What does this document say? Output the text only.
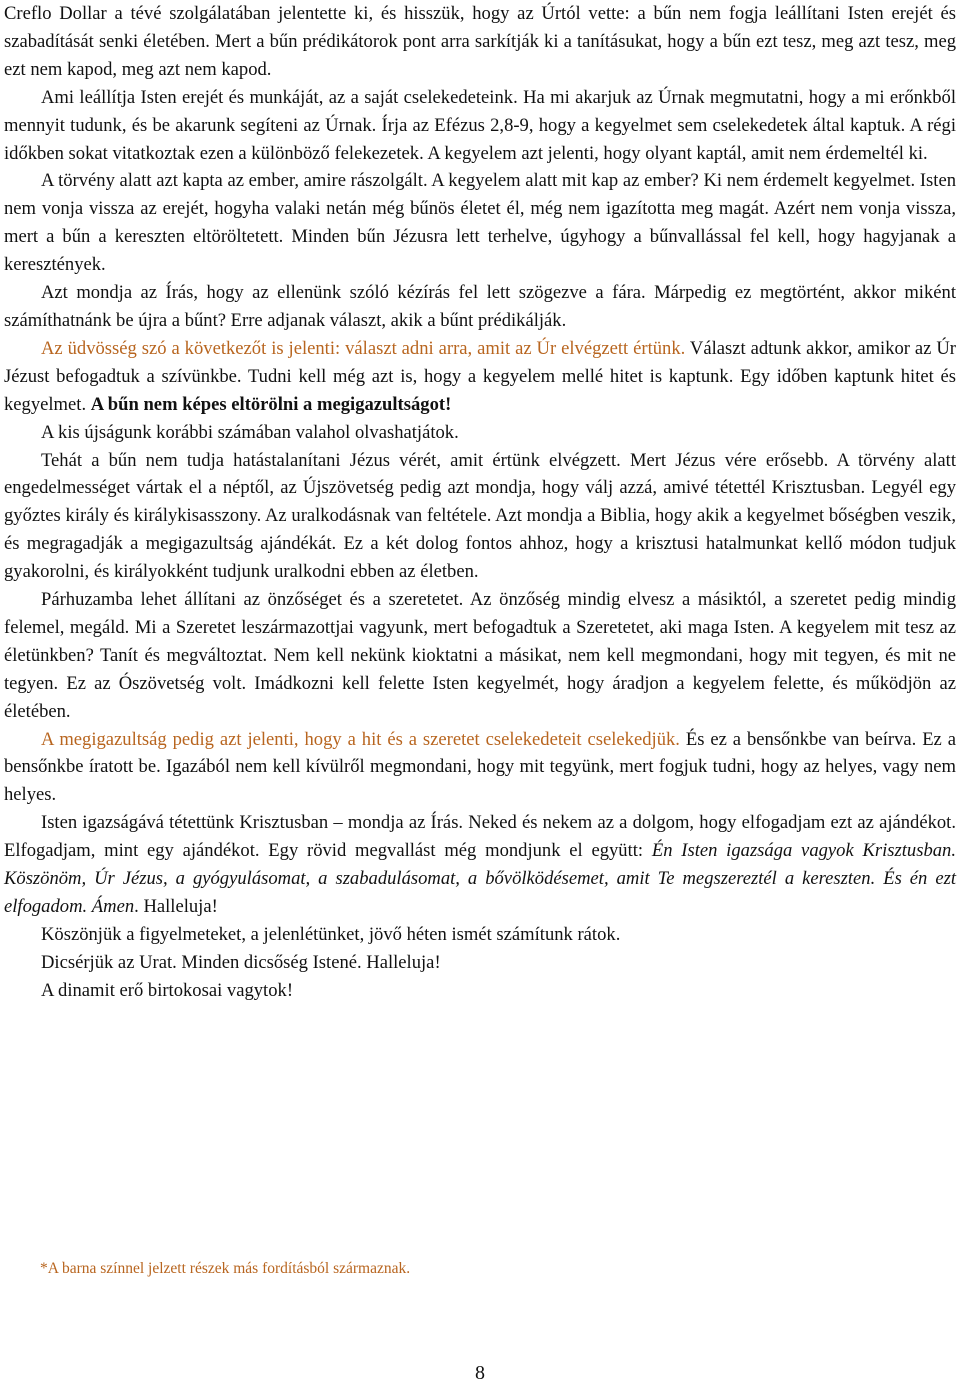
Creflo Dollar a tévé szolgálatában jelentette ki, és hisszük, hogy az Úrtól vette: a bűn nem fogja leállítani Isten erejét és szabadítását senki életében. Mert a bűn prédikátorok pont arra sarkítják ki a tanításukat, hogy a bűn ezt tesz, meg azt tesz, meg ezt nem kapod, meg azt nem kapod.

Ami leállítja Isten erejét és munkáját, az a saját cselekedeteink. Ha mi akarjuk az Úrnak megmutatni, hogy a mi erőnkből mennyit tudunk, és be akarunk segíteni az Úrnak. Írja az Efézus 2,8-9, hogy a kegyelmet sem cselekedetek által kaptuk. A régi időkben sokat vitatkoztak ezen a különböző felekezetek. A kegyelem azt jelenti, hogy olyant kaptál, amit nem érdemeltél ki.

A törvény alatt azt kapta az ember, amire rászolgált. A kegyelem alatt mit kap az ember? Ki nem érdemelt kegyelmet. Isten nem vonja vissza az erejét, hogyha valaki netán még bűnös életet él, még nem igazította meg magát. Azért nem vonja vissza, mert a bűn a kereszten eltöröltetett. Minden bűn Jézusra lett terhelve, úgyhogy a bűnvallással fel kell, hogy hagyjanak a keresztények.

Azt mondja az Írás, hogy az ellenünk szóló kézírás fel lett szögezve a fára. Márpedig ez megtörtént, akkor miként számíthatnánk be újra a bűnt? Erre adjanak választ, akik a bűnt prédikálják.

Az üdvösség szó a következőt is jelenti: választ adni arra, amit az Úr elvégzett értünk. Választ adtunk akkor, amikor az Úr Jézust befogadtuk a szívünkbe. Tudni kell még azt is, hogy a kegyelem mellé hitet is kaptunk. Egy időben kaptunk hitet és kegyelmet. A bűn nem képes eltörölni a megigazultságot!

A kis újságunk korábbi számában valahol olvashatjátok.

Tehát a bűn nem tudja hatástalanítani Jézus vérét, amit értünk elvégzett. Mert Jézus vére erősebb. A törvény alatt engedelmességet vártak el a néptől, az Újszövetség pedig azt mondja, hogy válj azzá, amivé tétettél Krisztusban. Legyél egy győztes király és királykisasszony. Az uralkodásnak van feltétele. Azt mondja a Biblia, hogy akik a kegyelmet bőségben veszik, és megragadják a megigazultság ajándékát. Ez a két dolog fontos ahhoz, hogy a krisztusi hatalmunkat kellő módon tudjuk gyakorolni, és királyokként tudjunk uralkodni ebben az életben.

Párhuzamba lehet állítani az önzőséget és a szeretetet. Az önzőség mindig elvesz a másiktól, a szeretet pedig mindig felemel, megáld. Mi a Szeretet leszármazottjai vagyunk, mert befogadtuk a Szeretetet, aki maga Isten. A kegyelem mit tesz az életünkben? Tanít és megváltoztat. Nem kell nekünk kioktatni a másikat, nem kell megmondani, hogy mit tegyen, és mit ne tegyen. Ez az Ószövetség volt. Imádkozni kell felette Isten kegyelmét, hogy áradjon a kegyelem felette, és működjön az életében.

A megigazultság pedig azt jelenti, hogy a hit és a szeretet cselekedeteit cselekedjük. És ez a bensőnkbe van beírva. Ez a bensőnkbe íratott be. Igazából nem kell kívülről megmondani, hogy mit tegyünk, mert fogjuk tudni, hogy az helyes, vagy nem helyes.

Isten igazságává tétettünk Krisztusban – mondja az Írás. Neked és nekem az a dolgom, hogy elfogadjam ezt az ajándékot. Elfogadjam, mint egy ajándékot. Egy rövid megvallást még mondjunk el együtt: Én Isten igazsága vagyok Krisztusban. Köszönöm, Úr Jézus, a gyógyulásomat, a szabadulásomat, a bővölködésemet, amit Te megszereztél a kereszten. És én ezt elfogadom. Ámen. Halleluja!

Köszönjük a figyelmeteket, a jelenlétünket, jövő héten ismét számítunk rátok.

Dicsérjük az Urat. Minden dicsőség Istené. Halleluja!

A dinamit erő birtokosai vagytok!

*A barna színnel jelzett részek más fordításból származnak.
8
